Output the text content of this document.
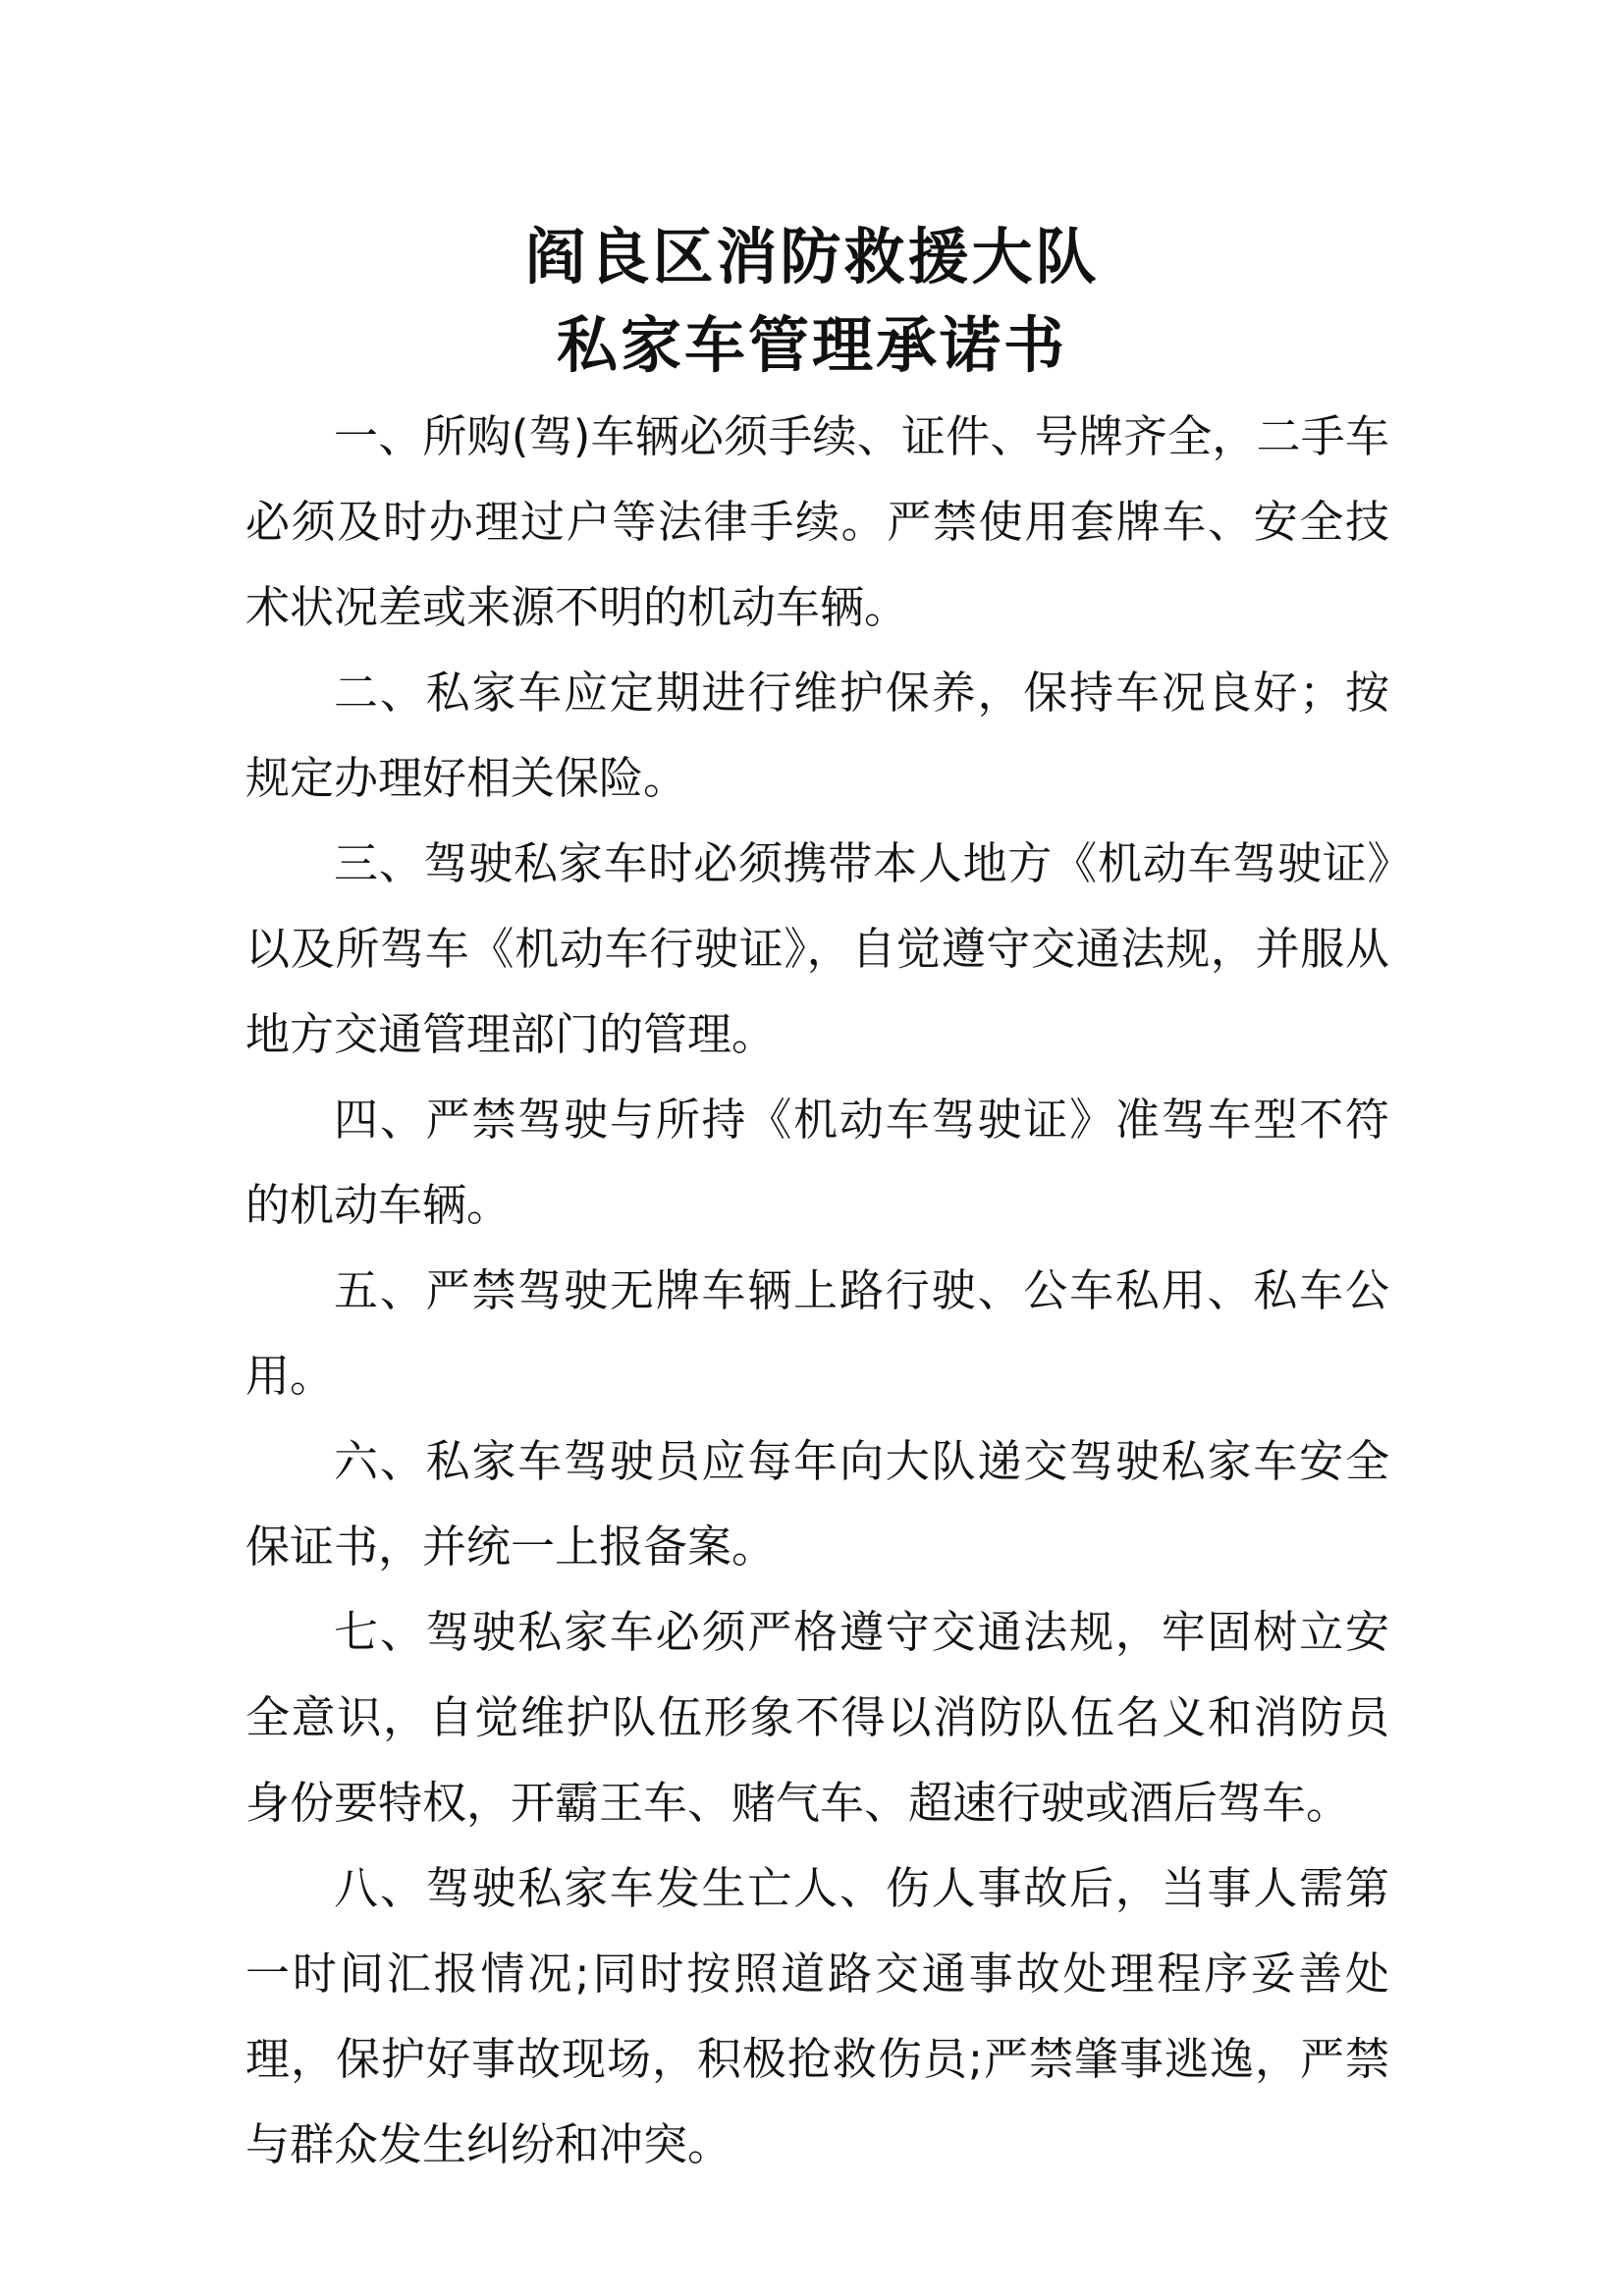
阎良区消防救援大队
私家车管理承诺书

一、所购(驾)车辆必须手续、证件、号牌齐全，二手车必须及时办理过户等法律手续。严禁使用套牌车、安全技术状况差或来源不明的机动车辆。

二、私家车应定期进行维护保养，保持车况良好；按规定办理好相关保险。

三、驾驶私家车时必须携带本人地方《机动车驾驶证》以及所驾车《机动车行驶证》，自觉遵守交通法规，并服从地方交通管理部门的管理。

四、严禁驾驶与所持《机动车驾驶证》准驾车型不符的机动车辆。

五、严禁驾驶无牌车辆上路行驶、公车私用、私车公用。

六、私家车驾驶员应每年向大队递交驾驶私家车安全保证书，并统一上报备案。

七、驾驶私家车必须严格遵守交通法规，牢固树立安全意识，自觉维护队伍形象不得以消防队伍名义和消防员身份要特权，开霸王车、赌气车、超速行驶或酒后驾车。

八、驾驶私家车发生亡人、伤人事故后，当事人需第一时间汇报情况;同时按照道路交通事故处理程序妥善处理，保护好事故现场，积极抢救伤员;严禁肇事逃逸，严禁与群众发生纠纷和冲突。
